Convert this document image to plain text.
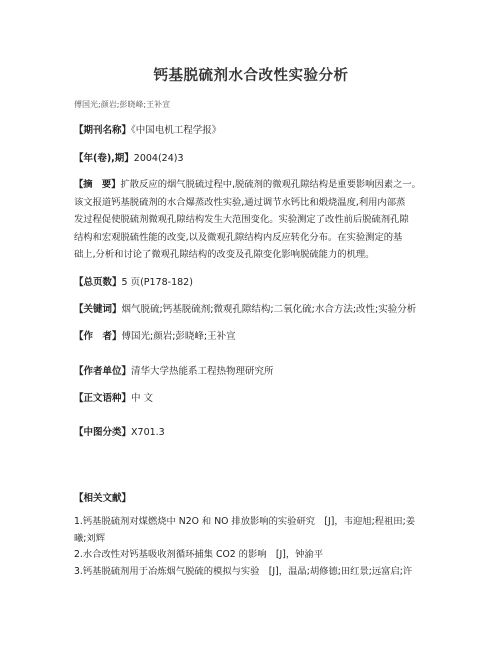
钙基脱硫剂水合改性实验分析
傅国光;颜岩;彭晓峰;王补宣
【期刊名称】《中国电机工程学报》
【年(卷),期】2004(24)3
【摘　要】扩散反应的烟气脱硫过程中,脱硫剂的微观孔隙结构是重要影响因素之一。
该文报道钙基脱硫剂的水合爆蒸改性实验,通过调节水钙比和煅烧温度,利用内部蒸
发过程促使脱硫剂微观孔隙结构发生大范围变化。实验测定了改性前后脱硫剂孔隙
结构和宏观脱硫性能的改变,以及微观孔隙结构内反应转化分布。在实验测定的基
础上,分析和讨论了微观孔隙结构的改变及孔隙变化影响脱硫能力的机理。
【总页数】5 页(P178-182)
【关键词】烟气脱硫;钙基脱硫剂;微观孔隙结构;二氧化硫;水合方法;改性;实验分析
【作　者】傅国光;颜岩;彭晓峰;王补宣
【作者单位】清华大学热能系工程热物理研究所
【正文语种】中 文
【中图分类】X701.3
【相关文献】
1.钙基脱硫剂对煤燃烧中 N2O 和 NO 排放影响的实验研究　[J]，韦迎旭;程祖田;姜
曦;刘辉
2.水合改性对钙基吸收剂循环捕集 CO2 的影响　[J]，钟渝平
3.钙基脱硫剂用于冶炼烟气脱硫的模拟与实验　[J]，温晶;胡修德;田红景;远富启;许
